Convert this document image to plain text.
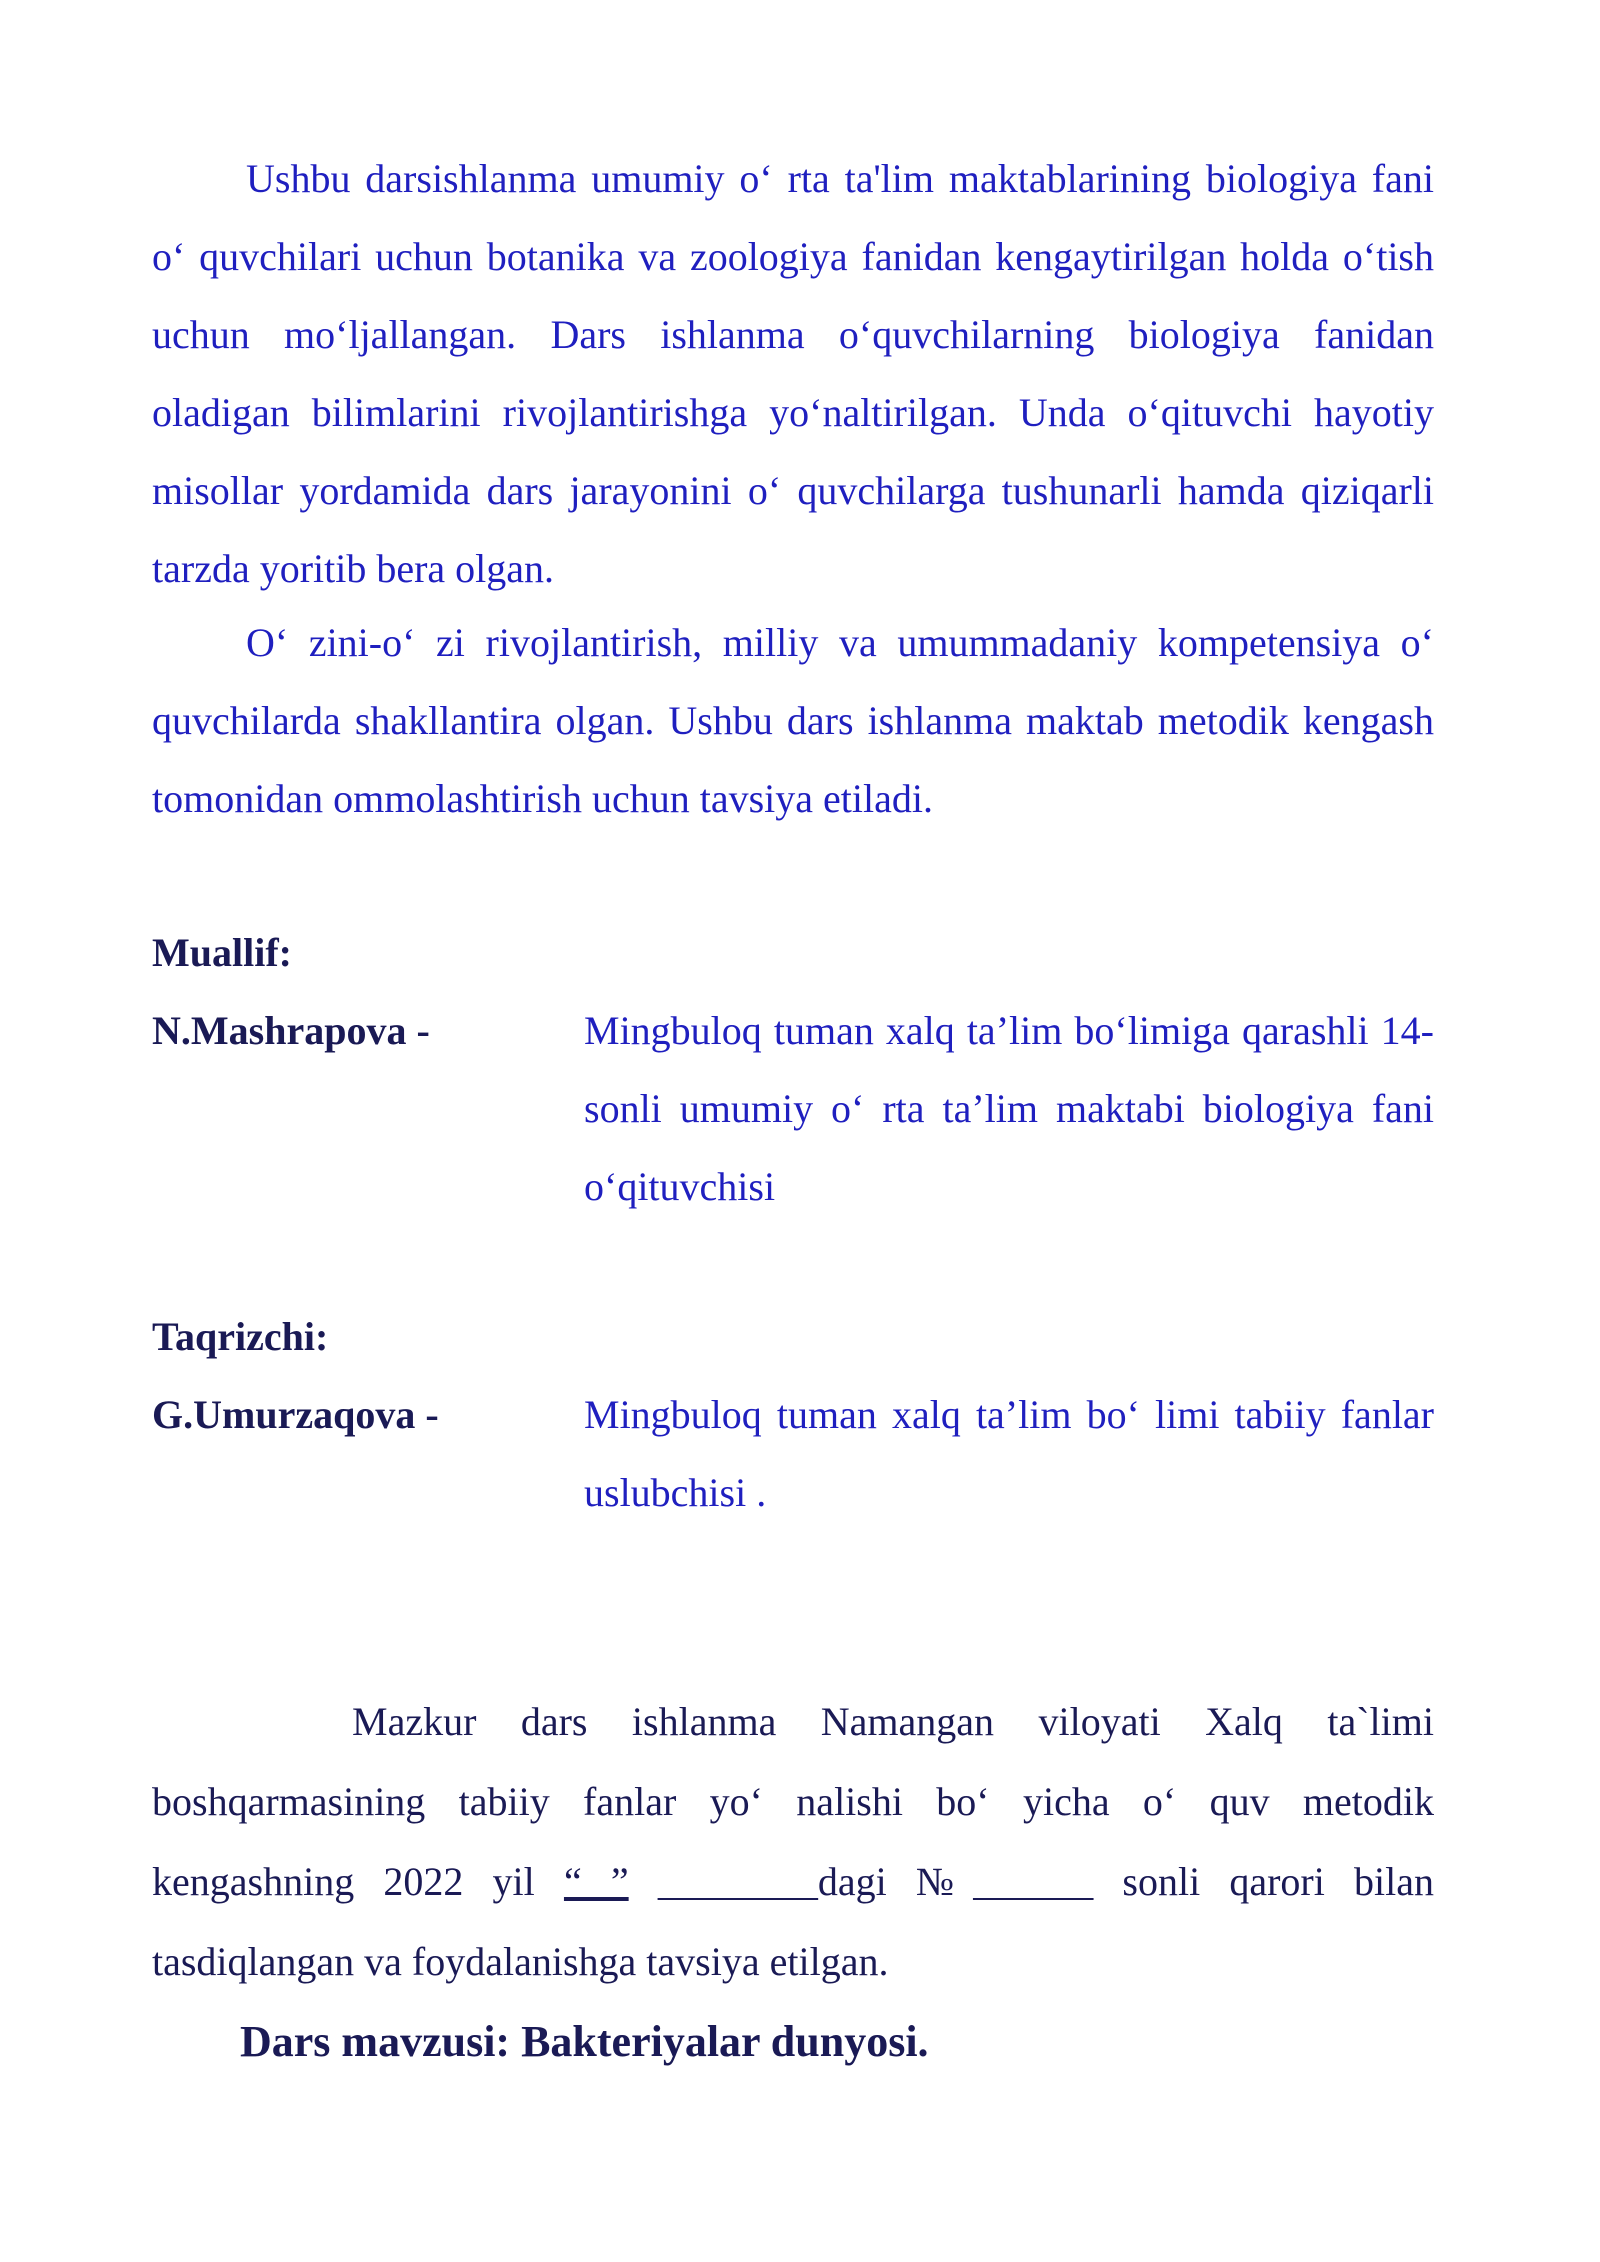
Ushbu darsishlanma umumiy oʻ rta ta'lim maktablarining biologiya fani oʻ quvchilari uchun botanika va zoologiya fanidan kengaytirilgan holda oʻtish uchun moʻljallangan. Dars ishlanma oʻquvchilarning biologiya fanidan oladigan bilimlarini rivojlantirishga yoʻnaltirilgan. Unda oʻqituvchi hayotiy misollar yordamida dars jarayonini oʻ quvchilarga tushunarli hamda qiziqarli tarzda yoritib bera olgan.

Oʻ zini-oʻ zi rivojlantirish, milliy va umummadaniy kompetensiya oʻ quvchilarda shakllantira olgan. Ushbu dars ishlanma maktab metodik kengash tomonidan ommolashtirish uchun tavsiya etiladi.

Muallif:
N.Mashrapova -	Mingbuloq tuman xalq ta’lim boʻlimiga qarashli 14-sonli umumiy oʻ rta ta’lim maktabi biologiya fani oʻqituvchisi
Taqrizchi:
G.Umurzaqova -	Mingbuloq tuman xalq ta’lim boʻ limi tabiiy fanlar uslubchisi .

Mazkur dars ishlanma Namangan viloyati Xalq ta`limi boshqarmasining tabiiy fanlar yoʻ nalishi boʻ yicha oʻ quv metodik kengashning 2022 yil “ ” ________dagi №______ sonli qarori bilan tasdiqlangan va foydalanishga tavsiya etilgan.

Dars mavzusi: Bakteriyalar dunyosi.
